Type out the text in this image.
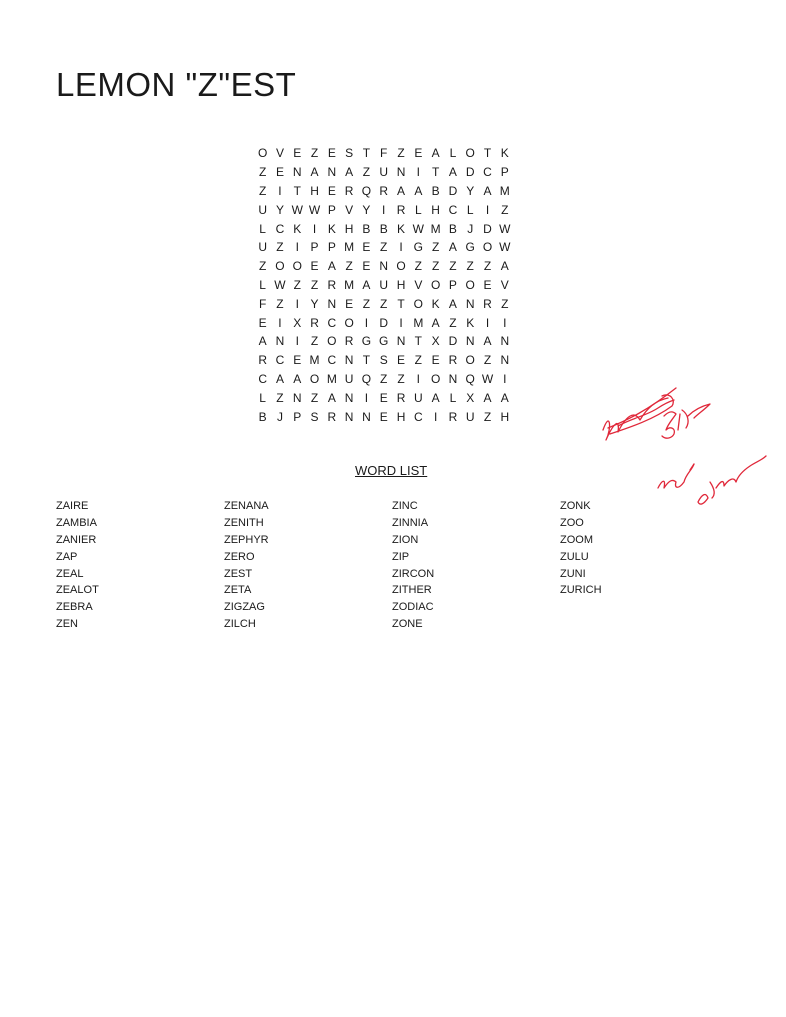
LEMON "Z"EST
O V E Z E S T F Z E A L O T K
Z E N A N A Z U N I T A D C P
Z I T H E R Q R A A B D Y A M
U Y W W P V Y I R L H C L	I Z
L C K I K H B B K W M B J D W
U Z I P P M E Z I G Z A G O W
Z O O E A Z E N O Z Z Z Z Z A
L W Z Z R M A U H V O P O E V
F Z I Y N E Z Z T O K A N R Z
E I X R C O I D I M A Z K I	I
A N I Z O R G G N T X D N A N
R C E M C N T S E Z E R O Z N
C A A O M U Q Z Z I O N Q W I
L Z N Z A N I E R U A L X A A
B J P S R N N E H C I R U Z H
WORD LIST
ZAIRE
ZAMBIA
ZANIER
ZAP
ZEAL
ZEALOT
ZEBRA
ZEN
ZENANA
ZENITH
ZEPHYR
ZERO
ZEST
ZETA
ZIGZAG
ZILCH
ZINC
ZINNIA
ZION
ZIP
ZIRCON
ZITHER
ZODIAC
ZONE
ZONK
ZOO
ZOOM
ZULU
ZUNI
ZURICH
